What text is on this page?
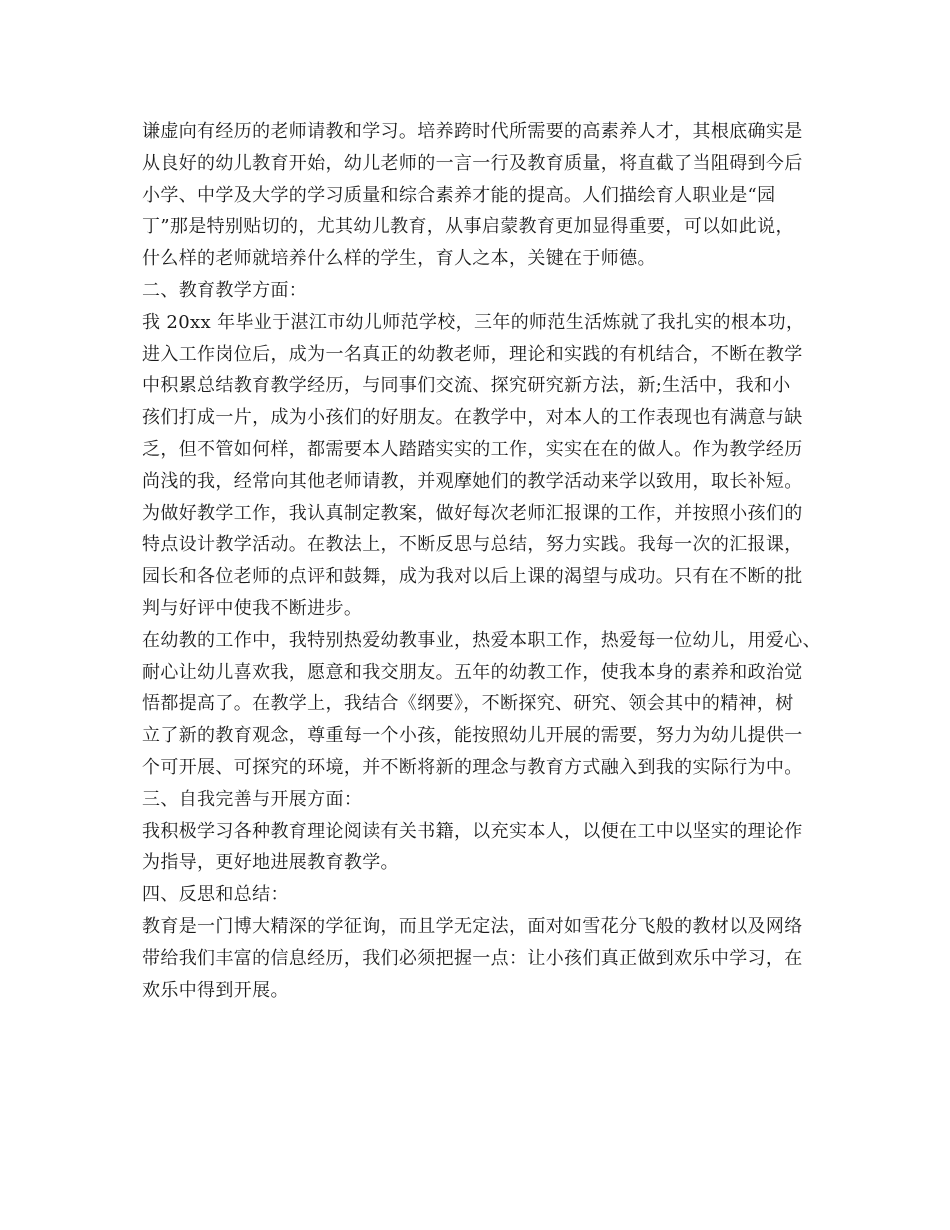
谦虚向有经历的老师请教和学习。培养跨时代所需要的高素养人才，其根底确实是
从良好的幼儿教育开始，幼儿老师的一言一行及教育质量，将直截了当阻碍到今后
小学、中学及大学的学习质量和综合素养才能的提高。人们描绘育人职业是“园
丁”那是特别贴切的，尤其幼儿教育，从事启蒙教育更加显得重要，可以如此说，
什么样的老师就培养什么样的学生，育人之本，关键在于师德。
二、教育教学方面：
我 20xx 年毕业于湛江市幼儿师范学校，三年的师范生活炼就了我扎实的根本功，
进入工作岗位后，成为一名真正的幼教老师，理论和实践的有机结合，不断在教学
中积累总结教育教学经历，与同事们交流、探究研究新方法，新;生活中，我和小
孩们打成一片，成为小孩们的好朋友。在教学中，对本人的工作表现也有满意与缺
乏，但不管如何样，都需要本人踏踏实实的工作，实实在在的做人。作为教学经历
尚浅的我，经常向其他老师请教，并观摩她们的教学活动来学以致用，取长补短。
为做好教学工作，我认真制定教案，做好每次老师汇报课的工作，并按照小孩们的
特点设计教学活动。在教法上，不断反思与总结，努力实践。我每一次的汇报课，
园长和各位老师的点评和鼓舞，成为我对以后上课的渴望与成功。只有在不断的批
判与好评中使我不断进步。
在幼教的工作中，我特别热爱幼教事业，热爱本职工作，热爱每一位幼儿，用爱心、
耐心让幼儿喜欢我，愿意和我交朋友。五年的幼教工作，使我本身的素养和政治觉
悟都提高了。在教学上，我结合《纲要》，不断探究、研究、领会其中的精神，树
立了新的教育观念，尊重每一个小孩，能按照幼儿开展的需要，努力为幼儿提供一
个可开展、可探究的环境，并不断将新的理念与教育方式融入到我的实际行为中。
三、自我完善与开展方面：
我积极学习各种教育理论阅读有关书籍，以充实本人，以便在工中以坚实的理论作
为指导，更好地进展教育教学。
四、反思和总结：
教育是一门博大精深的学征询，而且学无定法，面对如雪花分飞般的教材以及网络
带给我们丰富的信息经历，我们必须把握一点：让小孩们真正做到欢乐中学习，在
欢乐中得到开展。
